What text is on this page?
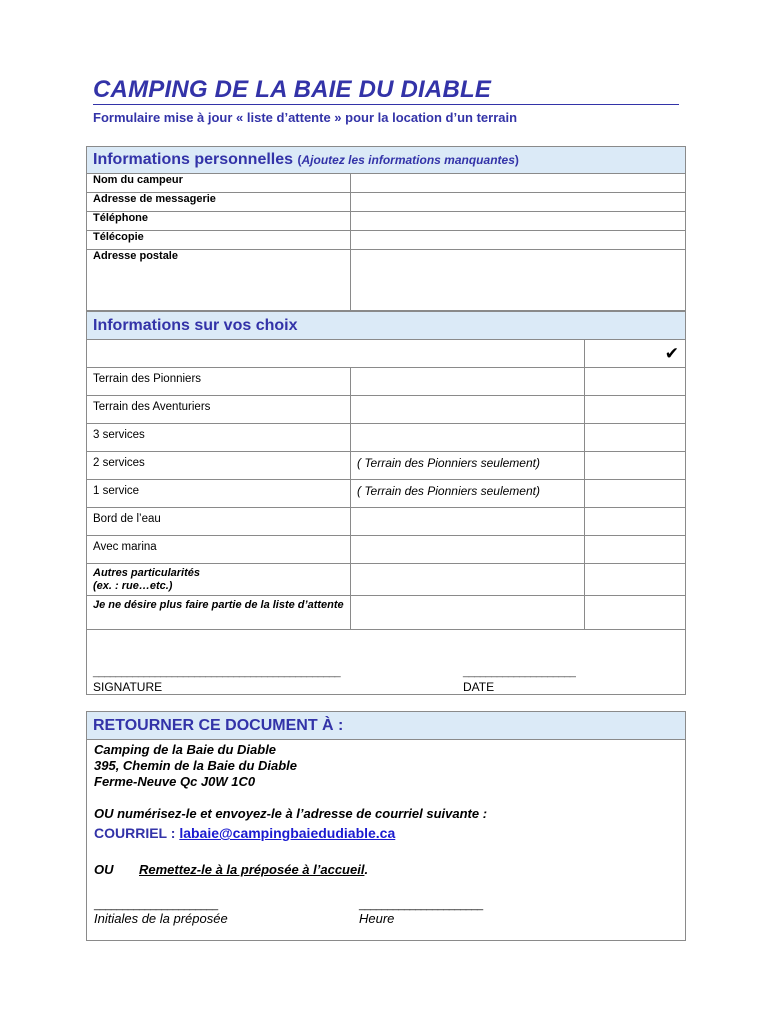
CAMPING DE LA BAIE DU DIABLE
Formulaire mise à jour « liste d’attente » pour la location d’un terrain
Informations personnelles (Ajoutez les informations manquantes)	
Nom du campeur	
Adresse de messagerie	
Téléphone	
Télécopie	
Adresse postale	
Informations sur vos choix		
		✔
Terrain des Pionniers		
Terrain des Aventuriers		
3 services		
2 services	( Terrain des Pionniers seulement)	
1 service	( Terrain des Pionniers seulement)	
Bord de l’eau		
Avec marina		

Autres particularités
(ex. : rue…etc.)		

Je ne désire plus faire partie de la liste d’attente		

____________________________________________
SIGNATURE
____________________
DATE		
RETOURNER CE DOCUMENT À :

Camping de la Baie du Diable
395, Chemin de la Baie du Diable
Ferme-Neuve Qc J0W 1C0
OU numérisez-le et envoyez-le à l’adresse de courriel suivante :
COURRIEL : labaie@campingbaiedudiable.ca
OU Remettez-le à la préposée à l’accueil.
______________________
Initiales de la préposée
______________________
Heure
